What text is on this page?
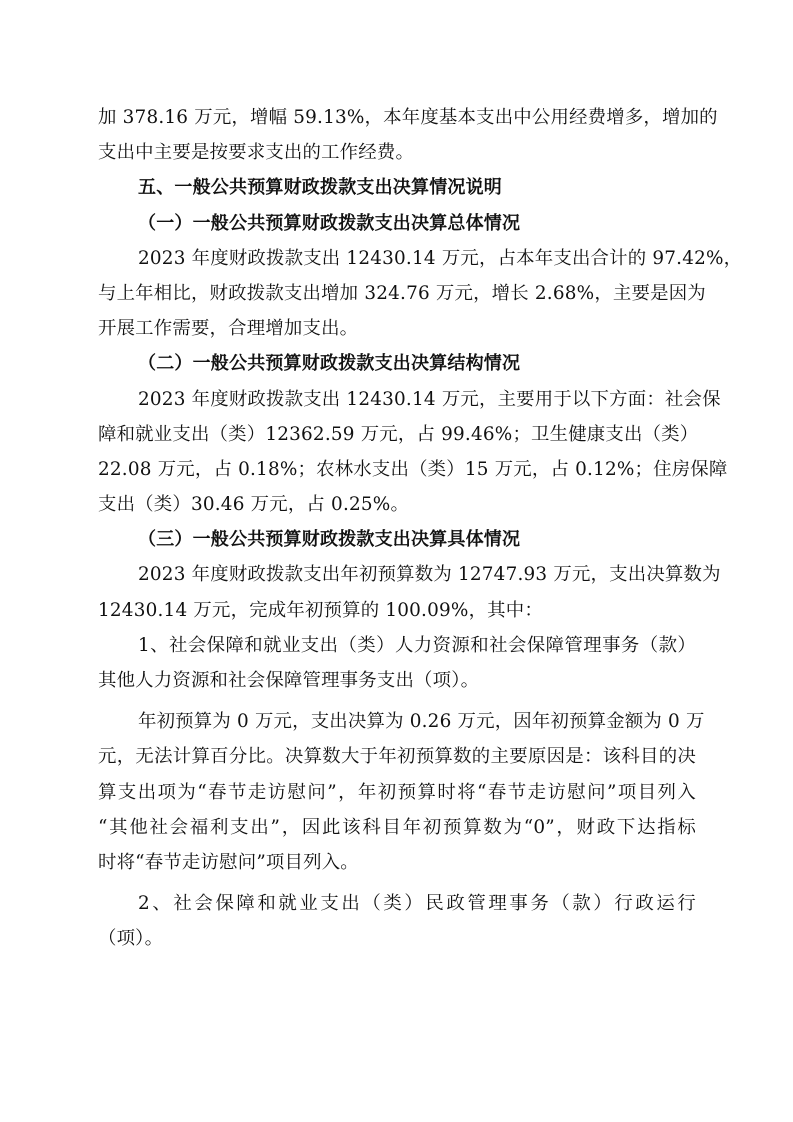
加 378.16 万元，增幅 59.13%，本年度基本支出中公用经费增多，增加的
支出中主要是按要求支出的工作经费。
五、一般公共预算财政拨款支出决算情况说明
（一）一般公共预算财政拨款支出决算总体情况
2023 年度财政拨款支出 12430.14 万元，占本年支出合计的 97.42%，
与上年相比，财政拨款支出增加 324.76 万元，增长 2.68%，主要是因为
开展工作需要，合理增加支出。
（二）一般公共预算财政拨款支出决算结构情况
2023 年度财政拨款支出 12430.14 万元，主要用于以下方面：社会保
障和就业支出（类）12362.59 万元，占 99.46%；卫生健康支出（类）
22.08 万元，占 0.18%；农林水支出（类）15 万元，占 0.12%；住房保障
支出（类）30.46 万元，占 0.25%。
（三）一般公共预算财政拨款支出决算具体情况
2023 年度财政拨款支出年初预算数为 12747.93 万元，支出决算数为
12430.14 万元，完成年初预算的 100.09%，其中：
1、社会保障和就业支出（类）人力资源和社会保障管理事务（款）
其他人力资源和社会保障管理事务支出（项）。
年初预算为 0 万元，支出决算为 0.26 万元，因年初预算金额为 0 万
元，无法计算百分比。决算数大于年初预算数的主要原因是：该科目的决
算支出项为“春节走访慰问”，年初预算时将“春节走访慰问”项目列入
“其他社会福利支出”，因此该科目年初预算数为“0”，财政下达指标
时将“春节走访慰问”项目列入。
2、社会保障和就业支出（类）民政管理事务（款）行政运行
（项）。
